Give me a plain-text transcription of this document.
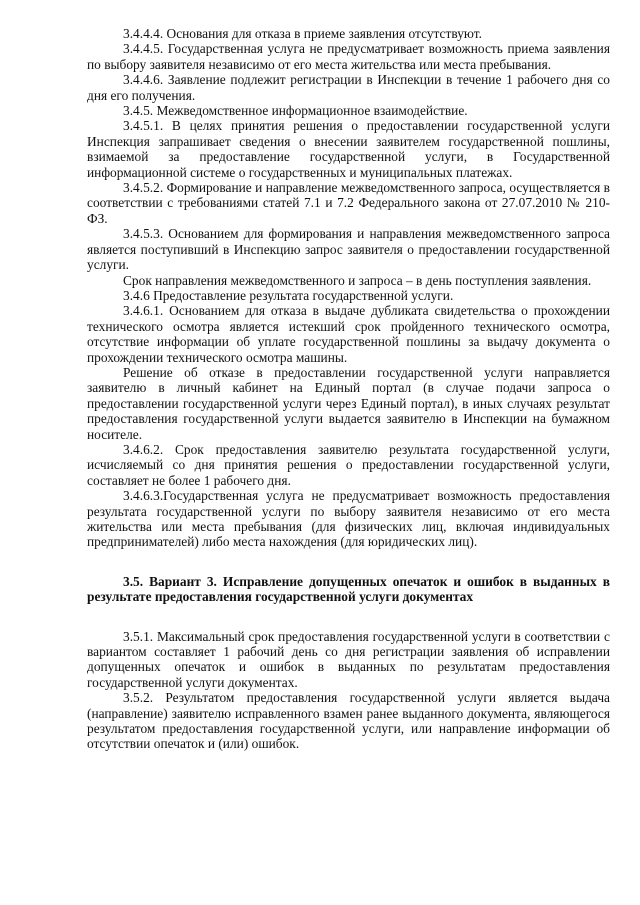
3.4.4.4. Основания для отказа в приеме заявления отсутствуют.

3.4.4.5. Государственная услуга не предусматривает возможность приема заявления по выбору заявителя независимо от его места жительства или места пребывания.

3.4.4.6. Заявление подлежит регистрации в Инспекции в течение 1 рабочего дня со дня его получения.

3.4.5. Межведомственное информационное взаимодействие.

3.4.5.1. В целях принятия решения о предоставлении государственной услуги Инспекция запрашивает сведения о внесении заявителем государственной пошлины, взимаемой за предоставление государственной услуги, в Государственной информационной системе о государственных и муниципальных платежах.

3.4.5.2. Формирование и направление межведомственного запроса, осуществляется в соответствии с требованиями статей 7.1 и 7.2 Федерального закона от 27.07.2010 № 210-ФЗ.

3.4.5.3. Основанием для формирования и направления межведомственного запроса является поступивший в Инспекцию запрос заявителя о предоставлении государственной услуги.

Срок направления межведомственного и запроса – в день поступления заявления.

3.4.6 Предоставление результата государственной услуги.

3.4.6.1. Основанием для отказа в выдаче дубликата свидетельства о прохождении технического осмотра является истекший срок пройденного технического осмотра, отсутствие информации об уплате государственной пошлины за выдачу документа о прохождении технического осмотра машины.

Решение об отказе в предоставлении государственной услуги направляется заявителю в личный кабинет на Единый портал (в случае подачи запроса о предоставлении государственной услуги через Единый портал), в иных случаях результат предоставления государственной услуги выдается заявителю в Инспекции на бумажном носителе.

3.4.6.2. Срок предоставления заявителю результата государственной услуги, исчисляемый со дня принятия решения о предоставлении государственной услуги, составляет не более 1 рабочего дня.

3.4.6.3.Государственная услуга не предусматривает возможность предоставления результата государственной услуги по выбору заявителя независимо от его места жительства или места пребывания (для физических лиц, включая индивидуальных предпринимателей) либо места нахождения (для юридических лиц).

3.5. Вариант 3. Исправление допущенных опечаток и ошибок в выданных в результате предоставления государственной услуги документах

3.5.1. Максимальный срок предоставления государственной услуги в соответствии с вариантом составляет 1 рабочий день со дня регистрации заявления об исправлении допущенных опечаток и ошибок в выданных по результатам предоставления государственной услуги документах.

3.5.2. Результатом предоставления государственной услуги является выдача (направление) заявителю исправленного взамен ранее выданного документа, являющегося результатом предоставления государственной услуги, или направление информации об отсутствии опечаток и (или) ошибок.
